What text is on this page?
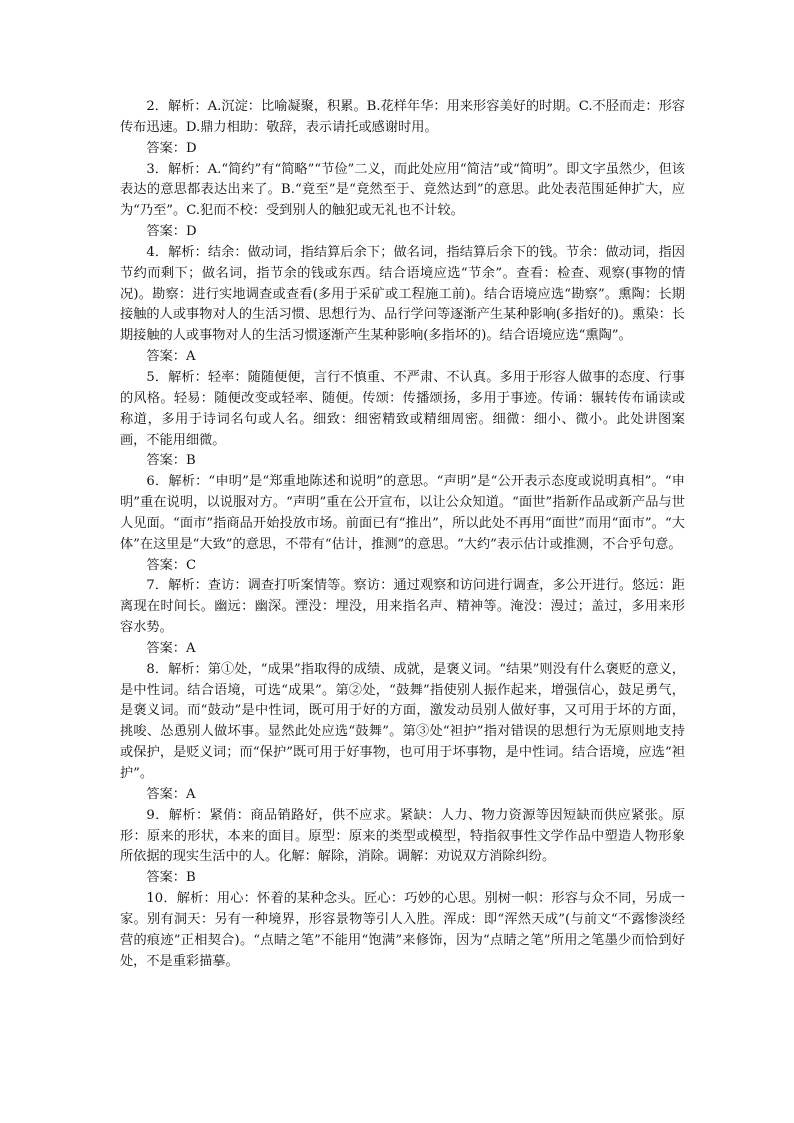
2．解析：A.沉淀：比喻凝聚，积累。B.花样年华：用来形容美好的时期。C.不胫而走：形容传布迅速。D.鼎力相助：敬辞，表示请托或感谢时用。

答案：D

3．解析：A.“简约”有“简略”“节俭”二义，而此处应用“简洁”或“简明”。即文字虽然少，但该表达的意思都表达出来了。B.“竟至”是“竟然至于、竟然达到”的意思。此处表范围延伸扩大，应为“乃至”。C.犯而不校：受到别人的触犯或无礼也不计较。

答案：D

4．解析：结余：做动词，指结算后余下；做名词，指结算后余下的钱。节余：做动词，指因节约而剩下；做名词，指节余的钱或东西。结合语境应选“节余”。查看：检查、观察(事物的情况)。勘察：进行实地调查或查看(多用于采矿或工程施工前)。结合语境应选“勘察”。熏陶：长期接触的人或事物对人的生活习惯、思想行为、品行学问等逐渐产生某种影响(多指好的)。熏染：长期接触的人或事物对人的生活习惯逐渐产生某种影响(多指坏的)。结合语境应选“熏陶”。

答案：A

5．解析：轻率：随随便便，言行不慎重、不严肃、不认真。多用于形容人做事的态度、行事的风格。轻易：随便改变或轻率、随便。传颂：传播颂扬，多用于事迹。传诵：辗转传布诵读或称道，多用于诗词名句或人名。细致：细密精致或精细周密。细微：细小、微小。此处讲图案画，不能用细微。

答案：B

6．解析：“申明”是“郑重地陈述和说明”的意思。“声明”是“公开表示态度或说明真相”。“申明”重在说明，以说服对方。“声明”重在公开宣布，以让公众知道。“面世”指新作品或新产品与世人见面。“面市”指商品开始投放市场。前面已有“推出”，所以此处不再用“面世”而用“面市”。“大体”在这里是“大致”的意思，不带有“估计，推测”的意思。“大约”表示估计或推测，不合乎句意。

答案：C

7．解析：查访：调查打听案情等。察访：通过观察和访问进行调查，多公开进行。悠远：距离现在时间长。幽远：幽深。湮没：埋没，用来指名声、精神等。淹没：漫过；盖过，多用来形容水势。

答案：A

8．解析：第①处，“成果”指取得的成绩、成就，是褒义词。“结果”则没有什么褒贬的意义，是中性词。结合语境，可选“成果”。第②处，“鼓舞”指使别人振作起来，增强信心，鼓足勇气，是褒义词。而“鼓动”是中性词，既可用于好的方面，激发动员别人做好事，又可用于坏的方面，挑唆、怂恿别人做坏事。显然此处应选“鼓舞”。第③处“袒护”指对错误的思想行为无原则地支持或保护，是贬义词；而“保护”既可用于好事物，也可用于坏事物，是中性词。结合语境，应选“袒护”。

答案：A

9．解析：紧俏：商品销路好，供不应求。紧缺：人力、物力资源等因短缺而供应紧张。原形：原来的形状，本来的面目。原型：原来的类型或模型，特指叙事性文学作品中塑造人物形象所依据的现实生活中的人。化解：解除，消除。调解：劝说双方消除纠纷。

答案：B

10．解析：用心：怀着的某种念头。匠心：巧妙的心思。别树一帜：形容与众不同，另成一家。别有洞天：另有一种境界，形容景物等引人入胜。浑成：即“浑然天成”(与前文“不露惨淡经营的痕迹”正相契合)。“点睛之笔”不能用“饱满”来修饰，因为“点睛之笔”所用之笔墨少而恰到好处，不是重彩描摹。
